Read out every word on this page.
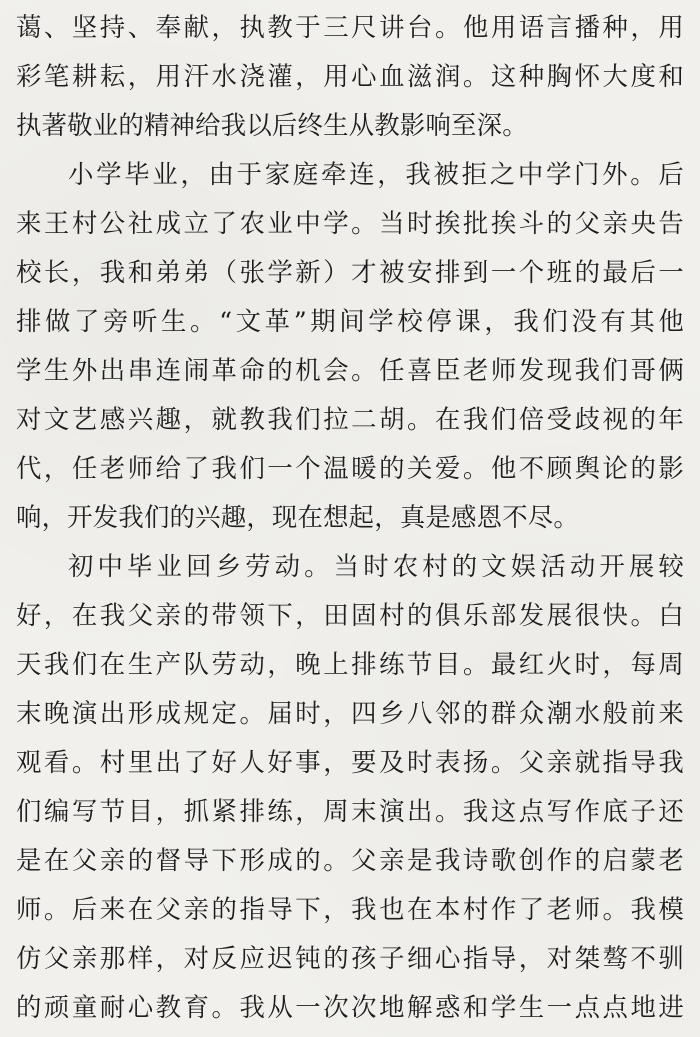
蔼、坚持、奉献，执教于三尺讲台。他用语言播种，用
彩笔耕耘，用汗水浇灌，用心血滋润。这种胸怀大度和
执著敬业的精神给我以后终生从教影响至深。
小学毕业，由于家庭牵连，我被拒之中学门外。后
来王村公社成立了农业中学。当时挨批挨斗的父亲央告
校长，我和弟弟（张学新）才被安排到一个班的最后一
排做了旁听生。“文革”期间学校停课，我们没有其他
学生外出串连闹革命的机会。任喜臣老师发现我们哥俩
对文艺感兴趣，就教我们拉二胡。在我们倍受歧视的年
代，任老师给了我们一个温暖的关爱。他不顾舆论的影
响，开发我们的兴趣，现在想起，真是感恩不尽。
初中毕业回乡劳动。当时农村的文娱活动开展较
好，在我父亲的带领下，田固村的俱乐部发展很快。白
天我们在生产队劳动，晚上排练节目。最红火时，每周
末晚演出形成规定。届时，四乡八邻的群众潮水般前来
观看。村里出了好人好事，要及时表扬。父亲就指导我
们编写节目，抓紧排练，周末演出。我这点写作底子还
是在父亲的督导下形成的。父亲是我诗歌创作的启蒙老
师。后来在父亲的指导下，我也在本村作了老师。我模
仿父亲那样，对反应迟钝的孩子细心指导，对桀骜不驯
的顽童耐心教育。我从一次次地解惑和学生一点点地进
